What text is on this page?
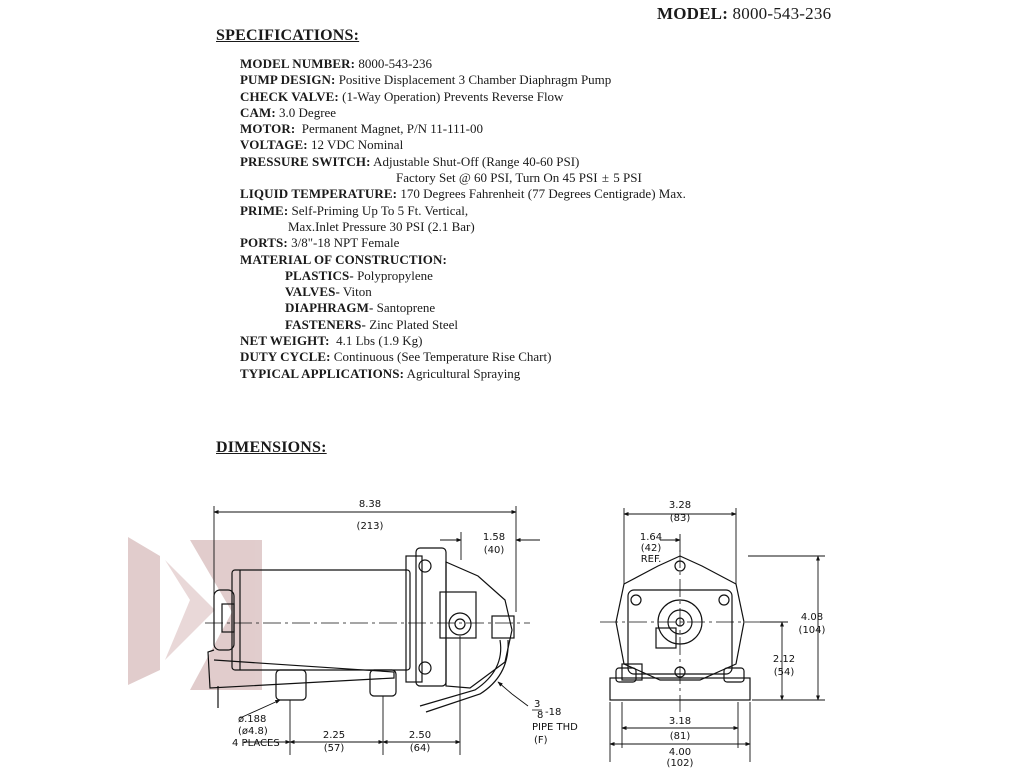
MODEL: 8000-543-236
SPECIFICATIONS:
MODEL NUMBER: 8000-543-236
PUMP DESIGN: Positive Displacement 3 Chamber Diaphragm Pump
CHECK VALVE: (1-Way Operation) Prevents Reverse Flow
CAM: 3.0 Degree
MOTOR: Permanent Magnet, P/N 11-111-00
VOLTAGE: 12 VDC Nominal
PRESSURE SWITCH: Adjustable Shut-Off (Range 40-60 PSI)
Factory Set @ 60 PSI, Turn On 45 PSI ± 5 PSI
LIQUID TEMPERATURE: 170 Degrees Fahrenheit (77 Degrees Centigrade) Max.
PRIME: Self-Priming Up To 5 Ft. Vertical,
Max.Inlet Pressure 30 PSI (2.1 Bar)
PORTS: 3/8"-18 NPT Female
MATERIAL OF CONSTRUCTION:
PLASTICS- Polypropylene
VALVES- Viton
DIAPHRAGM- Santoprene
FASTENERS- Zinc Plated Steel
NET WEIGHT: 4.1 Lbs (1.9 Kg)
DUTY CYCLE: Continuous (See Temperature Rise Chart)
TYPICAL APPLICATIONS: Agricultural Spraying
DIMENSIONS:
8.38
(213)
1.58
(40)
ø.188
(ø4.8)
4 PLACES
2.25
(57)
2.50
(64)
3
8 -18
PIPE THD
(F)
3.28
(83)
1.64
(42)
REF.
4.08
(104)
2.12
(54)
3.18
(81)
4.00
(102)
